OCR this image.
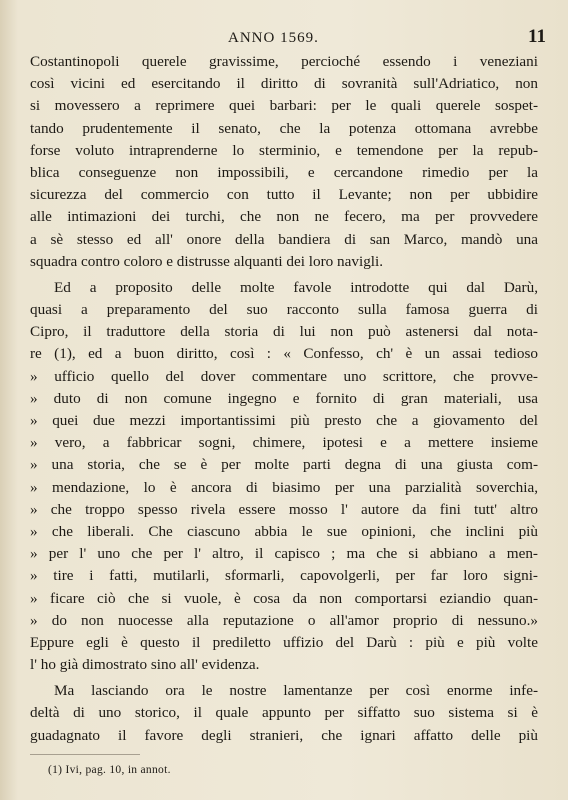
ANNO 1569.	11
Costantinopoli querele gravissime, percioché essendo i veneziani
così vicini ed esercitando il diritto di sovranità sull'Adriatico, non
si movessero a reprimere quei barbari: per le quali querele sospet-
tando prudentemente il senato, che la potenza ottomana avrebbe
forse voluto intraprenderne lo sterminio, e temendone per la repub-
blica conseguenze non impossibili, e cercandone rimedio per la
sicurezza del commercio con tutto il Levante; non per ubbidire
alle intimazioni dei turchi, che non ne fecero, ma per provvedere
a sè stesso ed all' onore della bandiera di san Marco, mandò una
squadra contro coloro e distrusse alquanti dei loro navigli.
Ed a proposito delle molte favole introdotte qui dal Darù,
quasi a preparamento del suo racconto sulla famosa guerra di
Cipro, il traduttore della storia di lui non può astenersi dal nota-
re (1), ed a buon diritto, così : « Confesso, ch' è un assai tedioso
» ufficio quello del dover commentare uno scrittore, che provve-
» duto di non comune ingegno e fornito di gran materiali, usa
» quei due mezzi importantissimi più presto che a giovamento del
» vero, a fabbricar sogni, chimere, ipotesi e a mettere insieme
» una storia, che se è per molte parti degna di una giusta com-
» mendazione, lo è ancora di biasimo per una parzialità soverchia,
» che troppo spesso rivela essere mosso l' autore da fini tutt' altro
» che liberali. Che ciascuno abbia le sue opinioni, che inclini più
» per l' uno che per l' altro, il capisco ; ma che si abbiano a men-
» tire i fatti, mutilarli, sformarli, capovolgerli, per far loro signi-
» ficare ciò che si vuole, è cosa da non comportarsi eziandio quan-
» do non nuocesse alla reputazione o all'amor proprio di nessuno.»
Eppure egli è questo il prediletto uffizio del Darù : più e più volte
l' ho già dimostrato sino all' evidenza.
Ma lasciando ora le nostre lamentanze per così enorme infe-
deltà di uno storico, il quale appunto per siffatto suo sistema si è
guadagnato il favore degli stranieri, che ignari affatto delle più
(1) Ivi, pag. 10, in annot.
